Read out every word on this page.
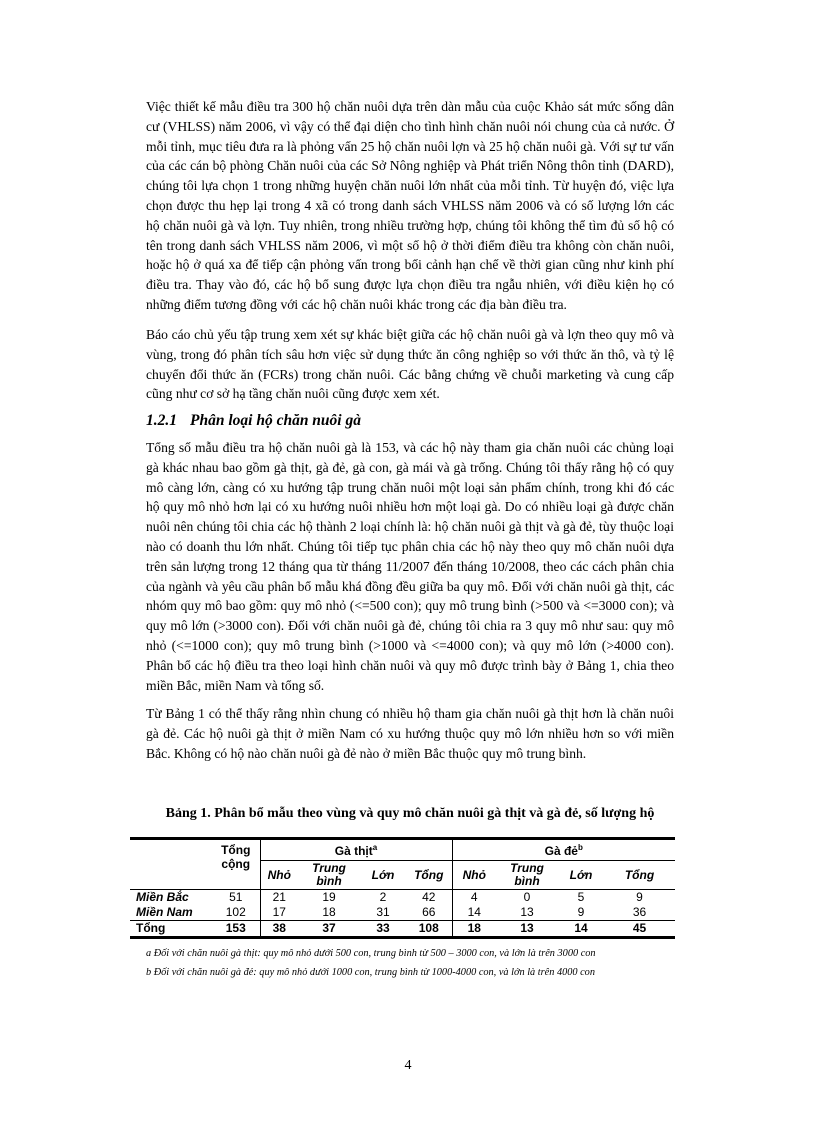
Việc thiết kế mẫu điều tra 300 hộ chăn nuôi dựa trên dàn mẫu của cuộc Khảo sát mức sống dân cư (VHLSS) năm 2006, vì vậy có thể đại diện cho tình hình chăn nuôi nói chung của cả nước. Ở mỗi tỉnh, mục tiêu đưa ra là phỏng vấn 25 hộ chăn nuôi lợn và 25 hộ chăn nuôi gà. Với sự tư vấn của các cán bộ phòng Chăn nuôi của các Sở Nông nghiệp và Phát triển Nông thôn tỉnh (DARD), chúng tôi lựa chọn 1 trong những huyện chăn nuôi lớn nhất của mỗi tỉnh. Từ huyện đó, việc lựa chọn được thu hẹp lại trong 4 xã có trong danh sách VHLSS năm 2006 và có số lượng lớn các hộ chăn nuôi gà và lợn. Tuy nhiên, trong nhiều trường hợp, chúng tôi không thể tìm đủ số hộ có tên trong danh sách VHLSS năm 2006, vì một số hộ ở thời điểm điều tra không còn chăn nuôi, hoặc hộ ở quá xa để tiếp cận phỏng vấn trong bối cảnh hạn chế về thời gian cũng như kinh phí điều tra. Thay vào đó, các hộ bổ sung được lựa chọn điều tra ngẫu nhiên, với điều kiện họ có những điểm tương đồng với các hộ chăn nuôi khác trong các địa bàn điều tra.
Báo cáo chủ yếu tập trung xem xét sự khác biệt giữa các hộ chăn nuôi gà và lợn theo quy mô và vùng, trong đó phân tích sâu hơn việc sử dụng thức ăn công nghiệp so với thức ăn thô, và tỷ lệ chuyển đổi thức ăn (FCRs) trong chăn nuôi. Các bằng chứng về chuỗi marketing và cung cấp cũng như cơ sở hạ tầng chăn nuôi cũng được xem xét.
1.2.1 Phân loại hộ chăn nuôi gà
Tổng số mẫu điều tra hộ chăn nuôi gà là 153, và các hộ này tham gia chăn nuôi các chủng loại gà khác nhau bao gồm gà thịt, gà đẻ, gà con, gà mái và gà trống. Chúng tôi thấy rằng hộ có quy mô càng lớn, càng có xu hướng tập trung chăn nuôi một loại sản phẩm chính, trong khi đó các hộ quy mô nhỏ hơn lại có xu hướng nuôi nhiều hơn một loại gà. Do có nhiều loại gà được chăn nuôi nên chúng tôi chia các hộ thành 2 loại chính là: hộ chăn nuôi gà thịt và gà đẻ, tùy thuộc loại nào có doanh thu lớn nhất. Chúng tôi tiếp tục phân chia các hộ này theo quy mô chăn nuôi dựa trên sản lượng trong 12 tháng qua từ tháng 11/2007 đến tháng 10/2008, theo các cách phân chia của ngành và yêu cầu phân bổ mẫu khá đồng đều giữa ba quy mô. Đối với chăn nuôi gà thịt, các nhóm quy mô bao gồm: quy mô nhỏ (<=500 con); quy mô trung bình (>500 và <=3000 con); và quy mô lớn (>3000 con). Đối với chăn nuôi gà đẻ, chúng tôi chia ra 3 quy mô như sau: quy mô nhỏ (<=1000 con); quy mô trung bình (>1000 và <=4000 con); và quy mô lớn (>4000 con). Phân bổ các hộ điều tra theo loại hình chăn nuôi và quy mô được trình bày ở Bảng 1, chia theo miền Bắc, miền Nam và tổng số.
Từ Bảng 1 có thể thấy rằng nhìn chung có nhiều hộ tham gia chăn nuôi gà thịt hơn là chăn nuôi gà đẻ. Các hộ nuôi gà thịt ở miền Nam có xu hướng thuộc quy mô lớn nhiều hơn so với miền Bắc. Không có hộ nào chăn nuôi gà đẻ nào ở miền Bắc thuộc quy mô trung bình.
Bảng 1. Phân bổ mẫu theo vùng và quy mô chăn nuôi gà thịt và gà đẻ, số lượng hộ
	Tổng cộng	Gà thịt$^a$				Gà đẻ$^b$
		Nhỏ	Trung bình	Lớn	Tổng	Nhỏ	Trung bình	Lớn	Tổng
Miền Bắc	51	21	19	2	42	4	0	5	9
Miền Nam	102	17	18	31	66	14	13	9	36
Tổng	153	38	37	33	108	18	13	14	45

a Đối với chăn nuôi gà thịt: quy mô nhỏ dưới 500 con, trung bình từ 500 – 3000 con, và lớn là trên 3000 con

b Đối với chăn nuôi gà đẻ: quy mô nhỏ dưới 1000 con, trung bình từ 1000-4000 con, và lớn là trên 4000 con

4
